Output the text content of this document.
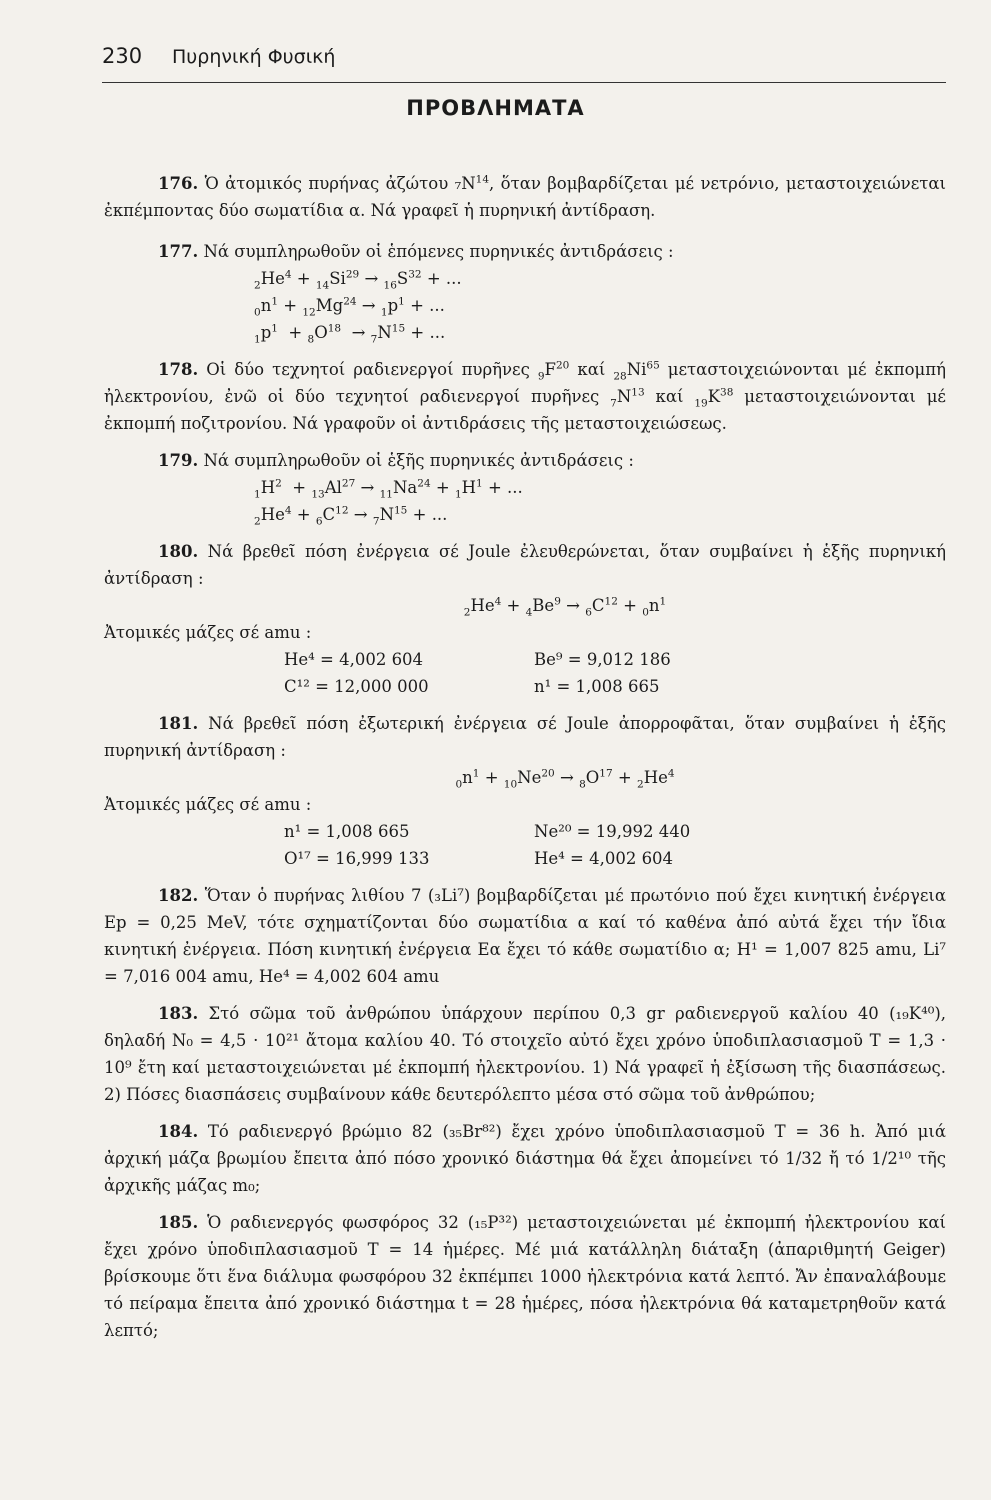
230 Πυρηνική Φυσική
ΠΡΟΒΛΗΜΑΤΑ
176. Ὁ ἀτομικός πυρήνας ἀζώτου $_7N^{14}$, ὅταν βομβαρδίζεται μέ νετρόνιο, μεταστοιχειώνεται ἐκπέμποντας δύο σωματίδια α. Νά γραφεῖ ἡ πυρηνική ἀντίδραση.
177. Νά συμπληρωθοῦν οἱ ἑπόμενες πυρηνικές ἀντιδράσεις :
$_2He^4 + _{14}Si^{29} \to _{16}S^{32}$ + ...
$_0n^1 + _{12}Mg^{24} \to _1p^1$ + ...
$_1p^1 + _8O^{18} \to _7N^{15}$ + ...
178. Οἱ δύο τεχνητοί ραδιενεργοί πυρῆνες $_9F^{20}$ καί $_{28}Ni^{65}$ μεταστοιχειώνονται μέ ἐκπομπή ἠλεκτρονίου, ἐνῶ οἱ δύο τεχνητοί ραδιενεργοί πυρῆνες $_7N^{13}$ καί $_{19}K^{38}$ μεταστοιχειώνονται μέ ἐκπομπή ποζιτρονίου. Νά γραφοῦν οἱ ἀντιδράσεις τῆς μεταστοιχειώσεως.
179. Νά συμπληρωθοῦν οἱ ἑξῆς πυρηνικές ἀντιδράσεις :
$_1H^2 + _{13}Al^{27} \to _{11}Na^{24} + _1H^1$ + ...
$_2He^4 + _6C^{12} \to _7N^{15}$ + ...
180. Νά βρεθεῖ πόση ἐνέργεια σέ Joule ἐλευθερώνεται, ὅταν συμβαίνει ἡ ἑξῆς πυρηνική ἀντίδραση :
$_2He^4 + _4Be^9 \to _6C^{12} + _0n^1$
Ἀτομικές μάζες σέ amu :
He⁴ = 4,002 604	Be⁹ = 9,012 186
C¹² = 12,000 000	n¹ = 1,008 665
181. Νά βρεθεῖ πόση ἐξωτερική ἐνέργεια σέ Joule ἀπορροφᾶται, ὅταν συμβαίνει ἡ ἑξῆς πυρηνική ἀντίδραση :
$_0n^1 + _{10}Ne^{20} \to _8O^{17} + _2He^4$
Ἀτομικές μάζες σέ amu :
n¹ = 1,008 665	Ne²⁰ = 19,992 440
O¹⁷ = 16,999 133	He⁴ = 4,002 604
182. Ὅταν ὁ πυρήνας λιθίου 7 (₃Li⁷) βομβαρδίζεται μέ πρωτόνιο πού ἔχει κινητική ἐνέργεια Ep = 0,25 MeV, τότε σχηματίζονται δύο σωματίδια α καί τό καθένα ἀπό αὐτά ἔχει τήν ἴδια κινητική ἐνέργεια. Πόση κινητική ἐνέργεια Eα ἔχει τό κάθε σωματίδιο α; H¹ = 1,007 825 amu, Li⁷ = 7,016 004 amu, He⁴ = 4,002 604 amu
183. Στό σῶμα τοῦ ἀνθρώπου ὑπάρχουν περίπου 0,3 gr ραδιενεργοῦ καλίου 40 (₁₉K⁴⁰), δηλαδή N₀ = 4,5 · 10²¹ ἄτομα καλίου 40. Τό στοιχεῖο αὐτό ἔχει χρόνο ὑποδιπλασιασμοῦ T = 1,3 · 10⁹ ἔτη καί μεταστοιχειώνεται μέ ἐκπομπή ἠλεκτρονίου. 1) Νά γραφεῖ ἡ ἐξίσωση τῆς διασπάσεως. 2) Πόσες διασπάσεις συμβαίνουν κάθε δευτερόλεπτο μέσα στό σῶμα τοῦ ἀνθρώπου;
184. Τό ραδιενεργό βρώμιο 82 (₃₅Br⁸²) ἔχει χρόνο ὑποδιπλασιασμοῦ T = 36 h. Ἀπό μιά ἀρχική μάζα βρωμίου ἔπειτα ἀπό πόσο χρονικό διάστημα θά ἔχει ἀπομείνει τό 1/32 ἤ τό 1/2¹⁰ τῆς ἀρχικῆς μάζας m₀;
185. Ὁ ραδιενεργός φωσφόρος 32 (₁₅P³²) μεταστοιχειώνεται μέ ἐκπομπή ἠλεκτρονίου καί ἔχει χρόνο ὑποδιπλασιασμοῦ T = 14 ἡμέρες. Μέ μιά κατάλληλη διάταξη (ἀπαριθμητή Geiger) βρίσκουμε ὅτι ἕνα διάλυμα φωσφόρου 32 ἐκπέμπει 1000 ἠλεκτρόνια κατά λεπτό. Ἄν ἐπαναλάβουμε τό πείραμα ἔπειτα ἀπό χρονικό διάστημα t = 28 ἡμέρες, πόσα ἠλεκτρόνια θά καταμετρηθοῦν κατά λεπτό;
